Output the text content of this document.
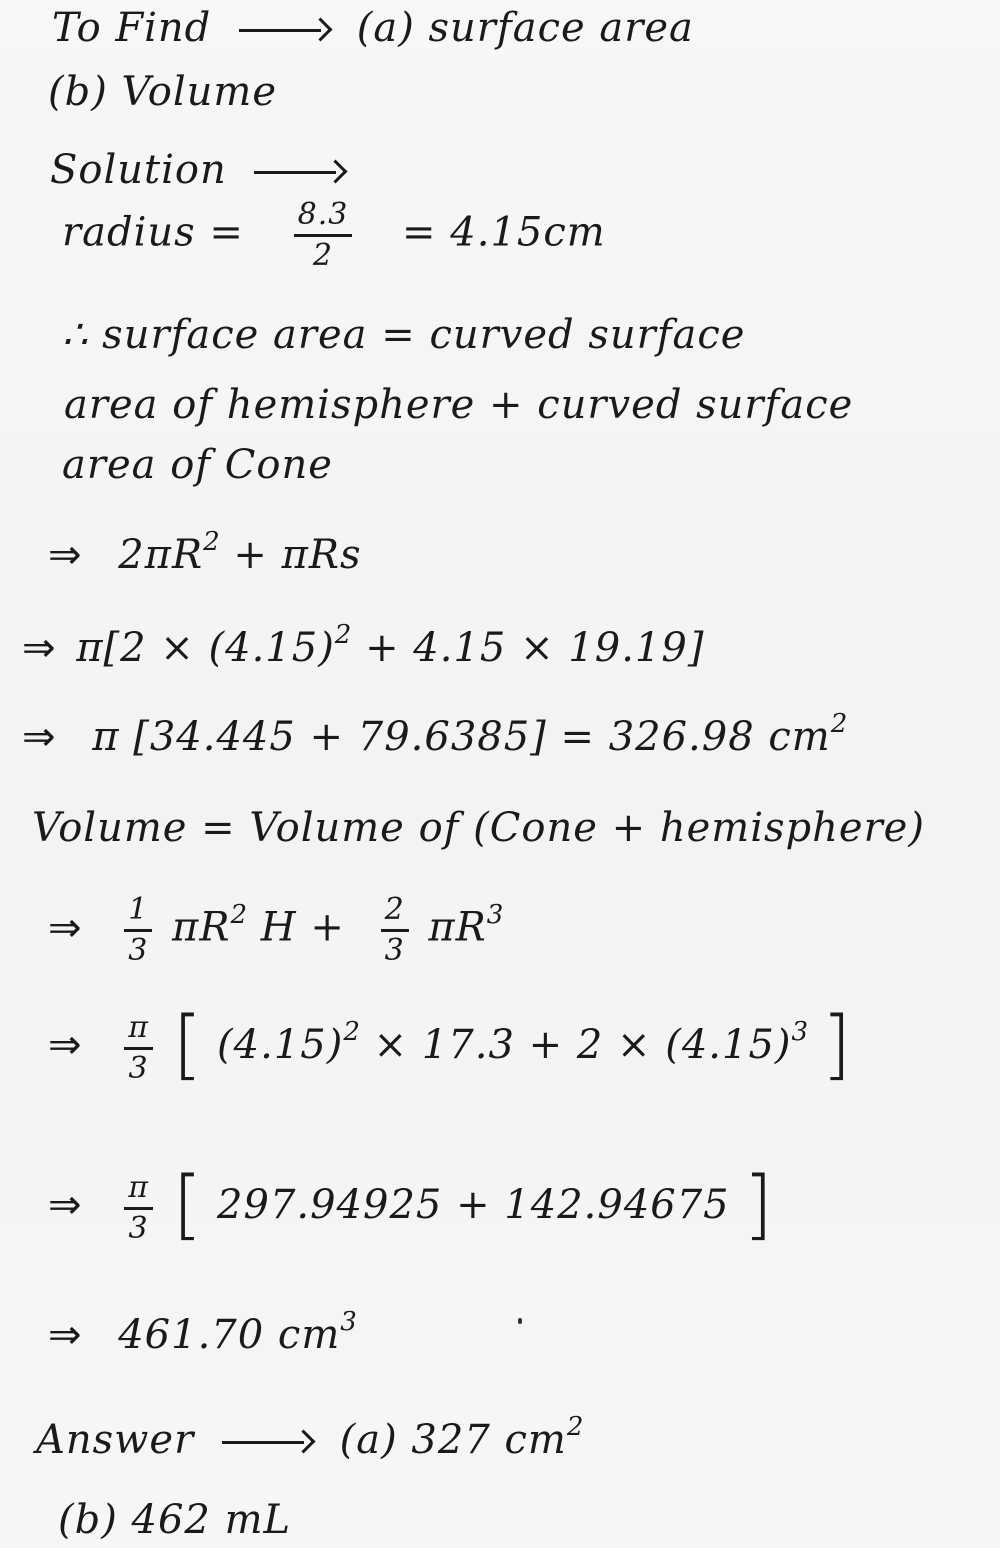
To Find	(a) surface area
(b) Volume
Solution
radius = $\frac{8.3}{2} = 4.15cm$
∴ surface area = curved surface
area of hemisphere + curved surface
area of Cone
⇒ $2\pi R^2 + \pi Rs$
⇒ $\pi[2 \times (4.15)^2 + 4.15 \times 19.19]$
⇒ π [34.445 + 79.6385] = 326.98 $cm^2$
Volume = Volume of (Cone + hemisphere)
⇒ $\frac{1}{3} \pi R^2$ $H + \frac{2}{3} \pi R^3$
⇒ $\frac{\pi}{3}$ [ $(4.15)^2 \times 17.3 + 2 \times (4.15)^3$ ]
⇒ $\frac{\pi}{3}$ [ 297.94925 + 142.94675 ]
⇒ 461.70 $cm^3$
Answer	(a) 327 $cm^2$
(b) 462 mL
